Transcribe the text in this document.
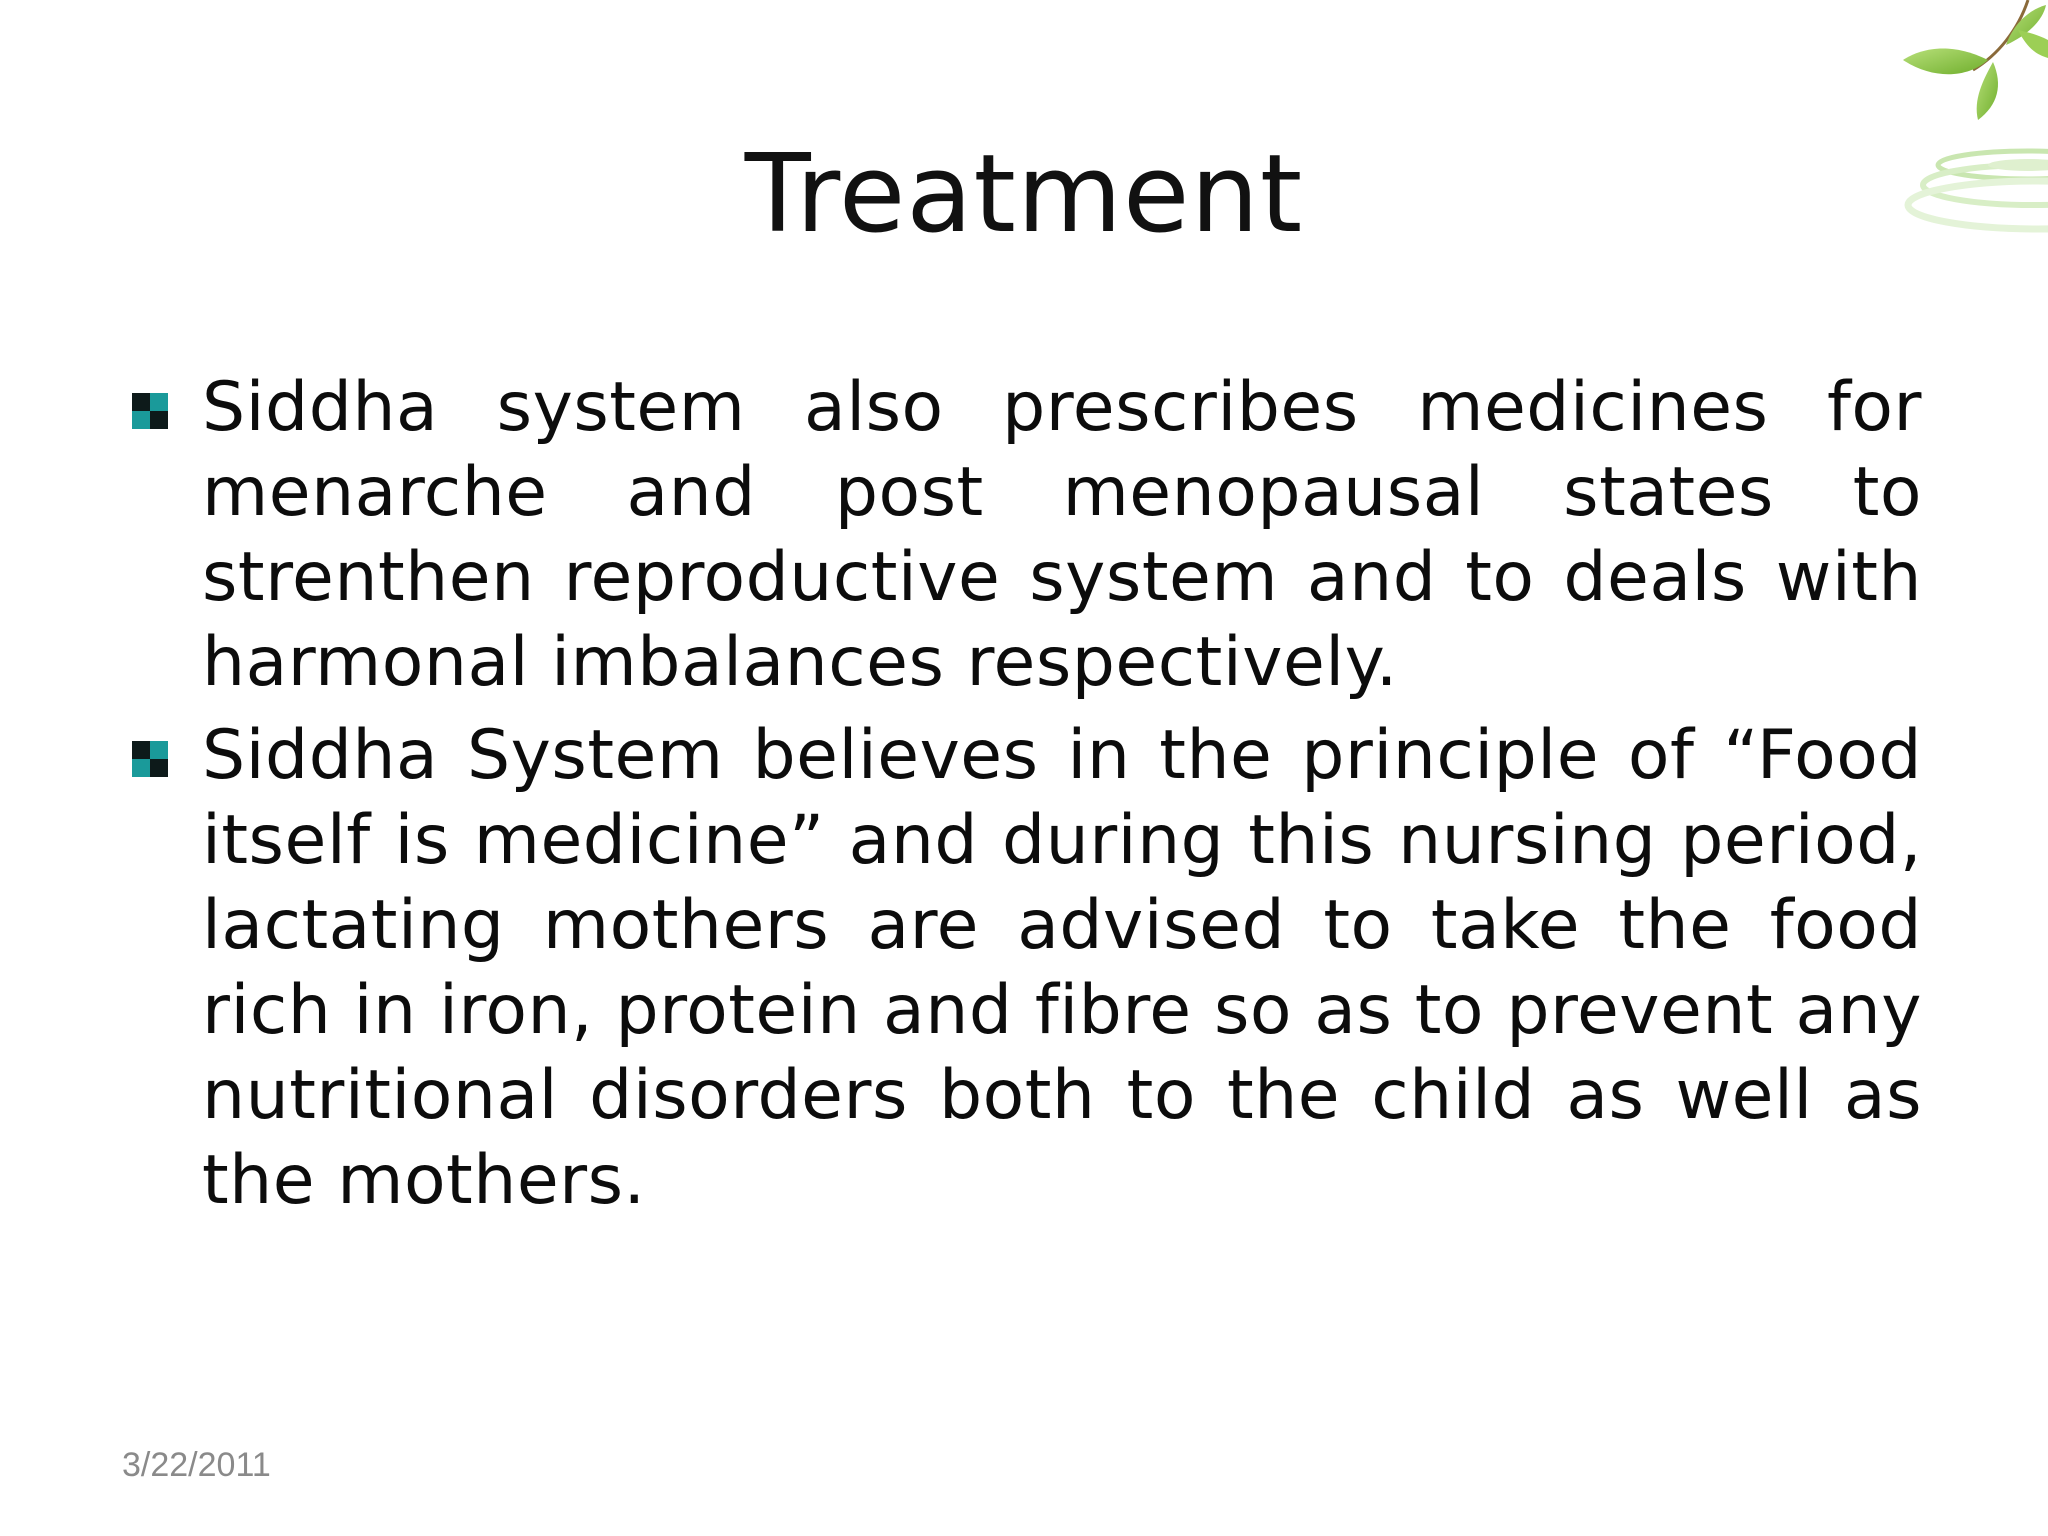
Treatment
Siddha system also prescribes medicines for menarche and post menopausal states to strenthen reproductive system and to deals with harmonal imbalances respectively.
Siddha System believes in the principle of “Food itself is medicine” and during this nursing period, lactating mothers are advised to take the food rich in iron, protein and fibre so as to prevent any nutritional disorders both to the child as well as the mothers.
3/22/2011
